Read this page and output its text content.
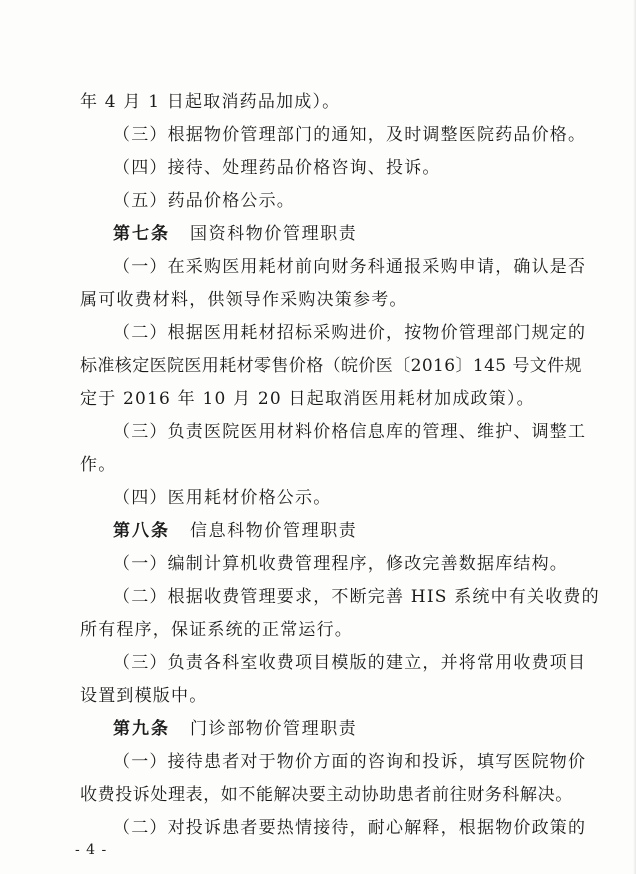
年 4 月 1 日起取消药品加成）。
（三）根据物价管理部门的通知，及时调整医院药品价格。
（四）接待、处理药品价格咨询、投诉。
（五）药品价格公示。
第七条 国资科物价管理职责
（一）在采购医用耗材前向财务科通报采购申请，确认是否
属可收费材料，供领导作采购决策参考。
（二）根据医用耗材招标采购进价，按物价管理部门规定的
标准核定医院医用耗材零售价格（皖价医〔2016〕145 号文件规
定于 2016 年 10 月 20 日起取消医用耗材加成政策）。
（三）负责医院医用材料价格信息库的管理、维护、调整工
作。
（四）医用耗材价格公示。
第八条 信息科物价管理职责
（一）编制计算机收费管理程序，修改完善数据库结构。
（二）根据收费管理要求，不断完善 HIS 系统中有关收费的
所有程序，保证系统的正常运行。
（三）负责各科室收费项目模版的建立，并将常用收费项目
设置到模版中。
第九条 门诊部物价管理职责
（一）接待患者对于物价方面的咨询和投诉，填写医院物价
收费投诉处理表，如不能解决要主动协助患者前往财务科解决。
（二）对投诉患者要热情接待，耐心解释，根据物价政策的
- 4 -
